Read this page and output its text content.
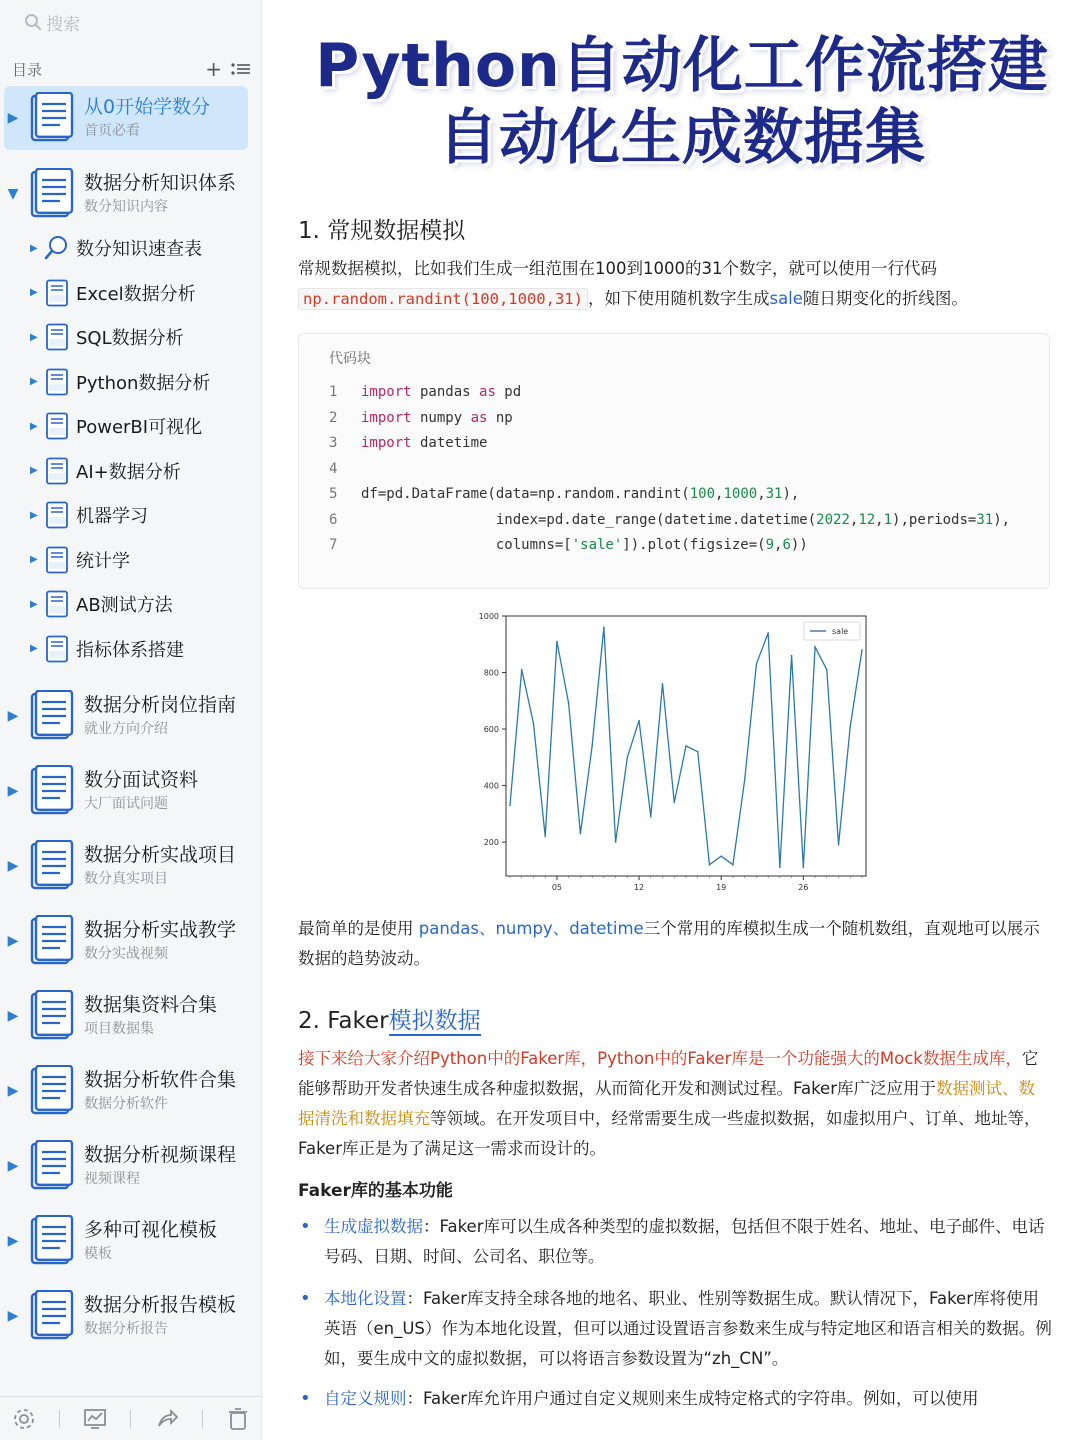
搜索
目录	+
▶	从0开始学数分
首页必看
▼	数据分析知识体系
数分知识内容
▶	数据分析岗位指南
就业方向介绍
▶	数分面试资料
大厂面试问题
▶	数据分析实战项目
数分真实项目
▶	数据分析实战教学
数分实战视频
▶	数据集资料合集
项目数据集
▶	数据分析软件合集
数据分析软件
▶	数据分析视频课程
视频课程
▶	多种可视化模板
模板
▶	数据分析报告模板
数据分析报告
▶ 数分知识速查表
▶ Excel数据分析
▶ SQL数据分析
▶ Python数据分析
▶ PowerBI可视化
▶ AI+数据分析
▶ 机器学习
▶ 统计学
▶ AB测试方法
▶ 指标体系搭建
Python自动化工作流搭建
自动化生成数据集
1. 常规数据模拟
常规数据模拟，比如我们生成一组范围在100到1000的31个数字，就可以使用一行代码
np.random.randint(100,1000,31) ，如下使用随机数字生成sale随日期变化的折线图。
代码块
1 import pandas as pd
2 import numpy as np
3 import datetime
4
5 df=pd.DataFrame(data=np.random.randint(100,1000,31),
6                index=pd.date_range(datetime.datetime(2022,12,1),periods=31),
7                columns=['sale']).plot(figsize=(9,6))
200
400
600
800
1000
05	12	19	26
sale
最简单的是使用 pandas、numpy、datetime三个常用的库模拟生成一个随机数组，直观地可以展示
数据的趋势波动。
2. Faker模拟数据
接下来给大家介绍Python中的Faker库，Python中的Faker库是一个功能强大的Mock数据生成库，它能够帮助开发者快速生成各种虚拟数据，从而简化开发和测试过程。Faker库广泛应用于数据测试、数据清洗和数据填充等领域。在开发项目中，经常需要生成一些虚拟数据，如虚拟用户、订单、地址等，Faker库正是为了满足这一需求而设计的。
Faker库的基本功能
• 生成虚拟数据：Faker库可以生成各种类型的虚拟数据，包括但不限于姓名、地址、电子邮件、电话号码、日期、时间、公司名、职位等。
• 本地化设置：Faker库支持全球各地的地名、职业、性别等数据生成。默认情况下，Faker库将使用英语（en_US）作为本地化设置，但可以通过设置语言参数来生成与特定地区和语言相关的数据。例如，要生成中文的虚拟数据，可以将语言参数设置为“zh_CN”。
• 自定义规则：Faker库允许用户通过自定义规则来生成特定格式的字符串。例如，可以使用
